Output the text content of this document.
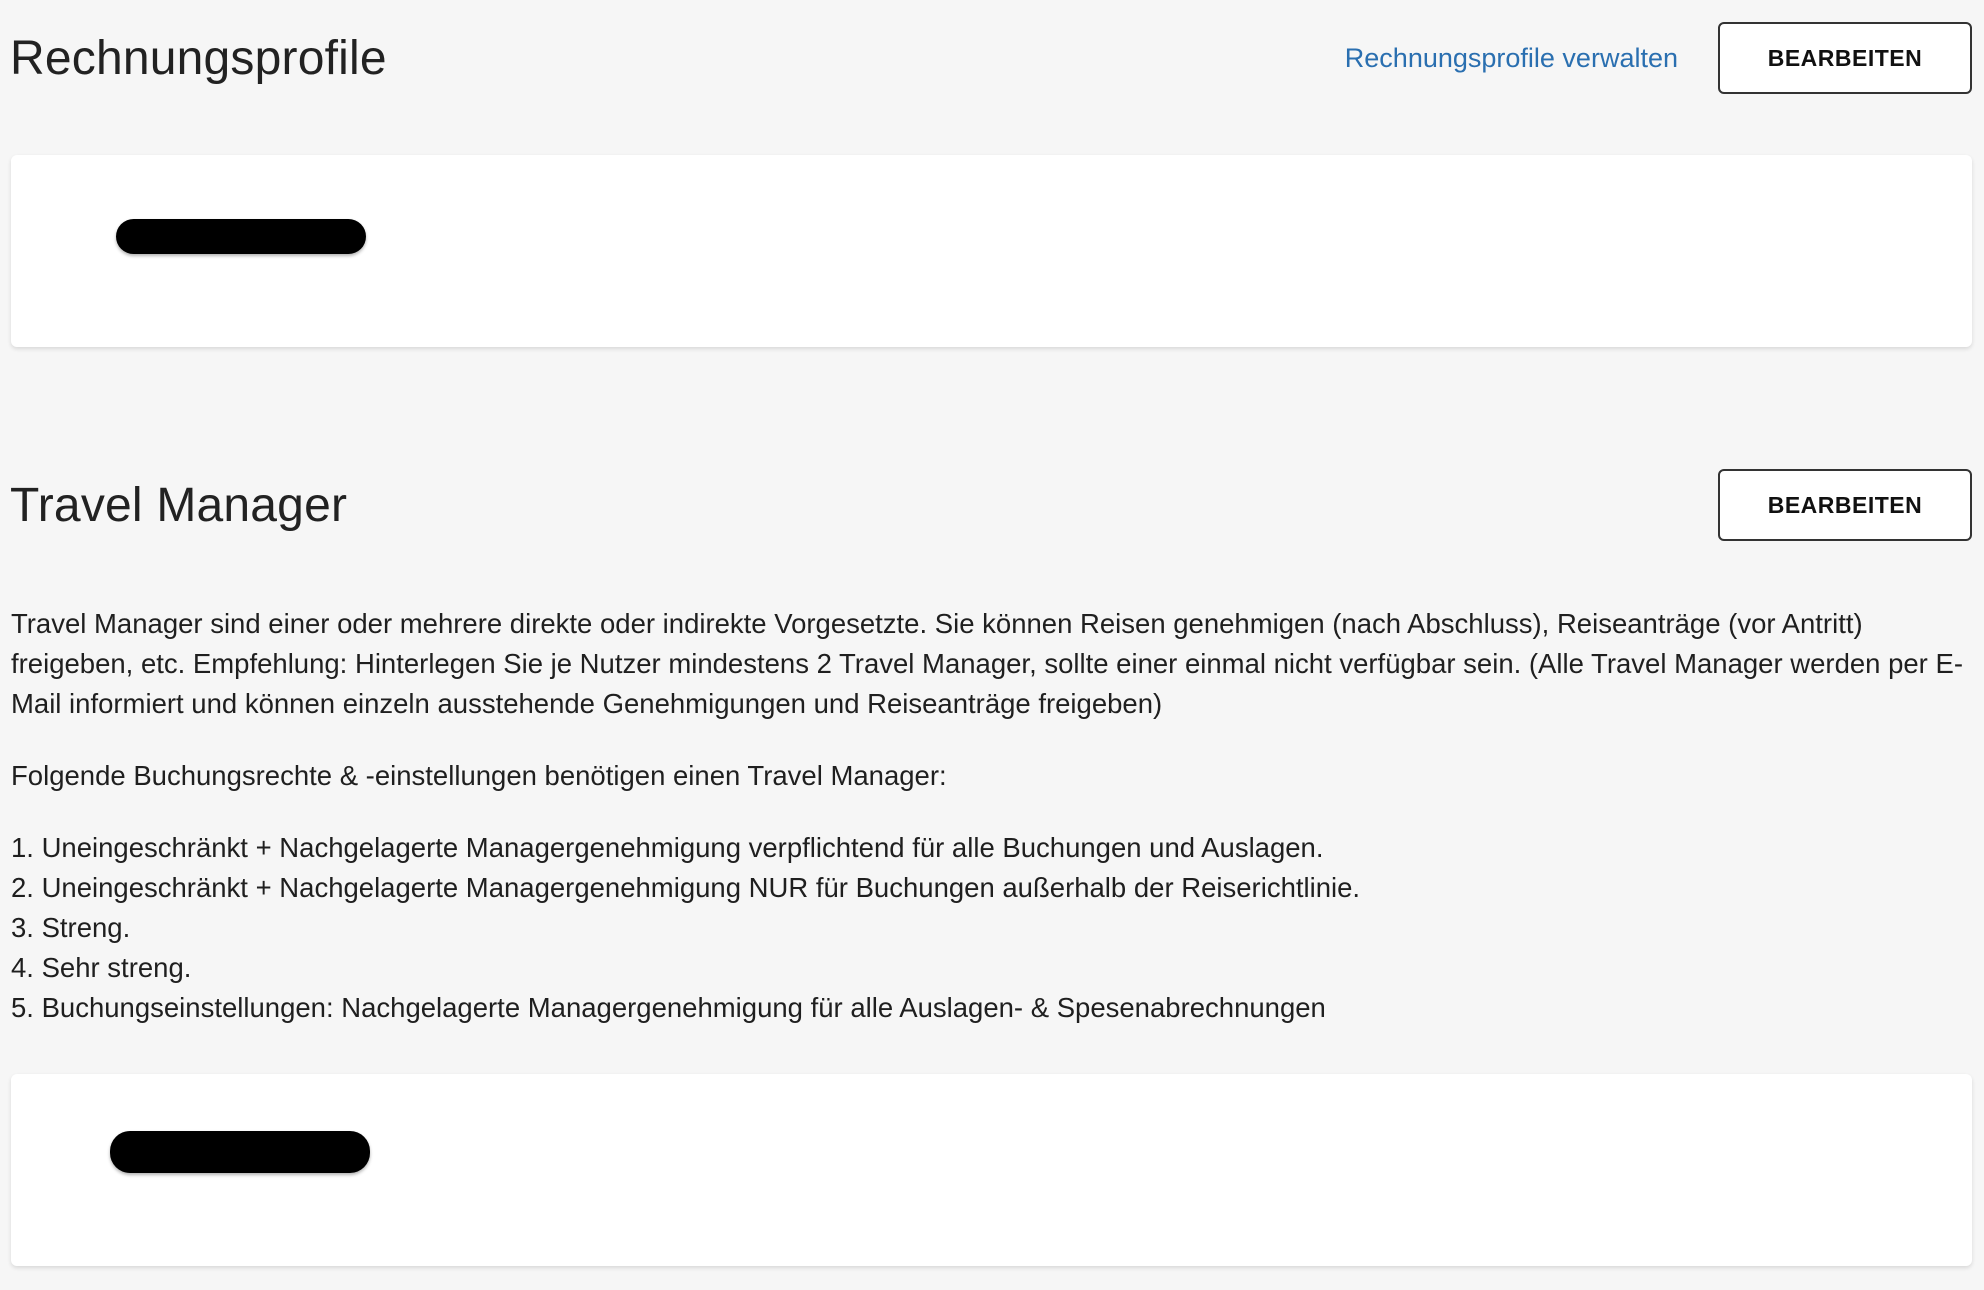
Rechnungsprofile	Rechnungsprofile verwalten	BEARBEITEN
Travel Manager	BEARBEITEN

Travel Manager sind einer oder mehrere direkte oder indirekte Vorgesetzte. Sie können Reisen genehmigen (nach Abschluss), Reiseanträge (vor Antritt) freigeben, etc. Empfehlung: Hinterlegen Sie je Nutzer mindestens 2 Travel Manager, sollte einer einmal nicht verfügbar sein. (Alle Travel Manager werden per E-Mail informiert und können einzeln ausstehende Genehmigungen und Reiseanträge freigeben)

Folgende Buchungsrechte & -einstellungen benötigen einen Travel Manager:

1. Uneingeschränkt + Nachgelagerte Managergenehmigung verpflichtend für alle Buchungen und Auslagen.
2. Uneingeschränkt + Nachgelagerte Managergenehmigung NUR für Buchungen außerhalb der Reiserichtlinie.
3. Streng.
4. Sehr streng.
5. Buchungseinstellungen: Nachgelagerte Managergenehmigung für alle Auslagen- & Spesenabrechnungen
